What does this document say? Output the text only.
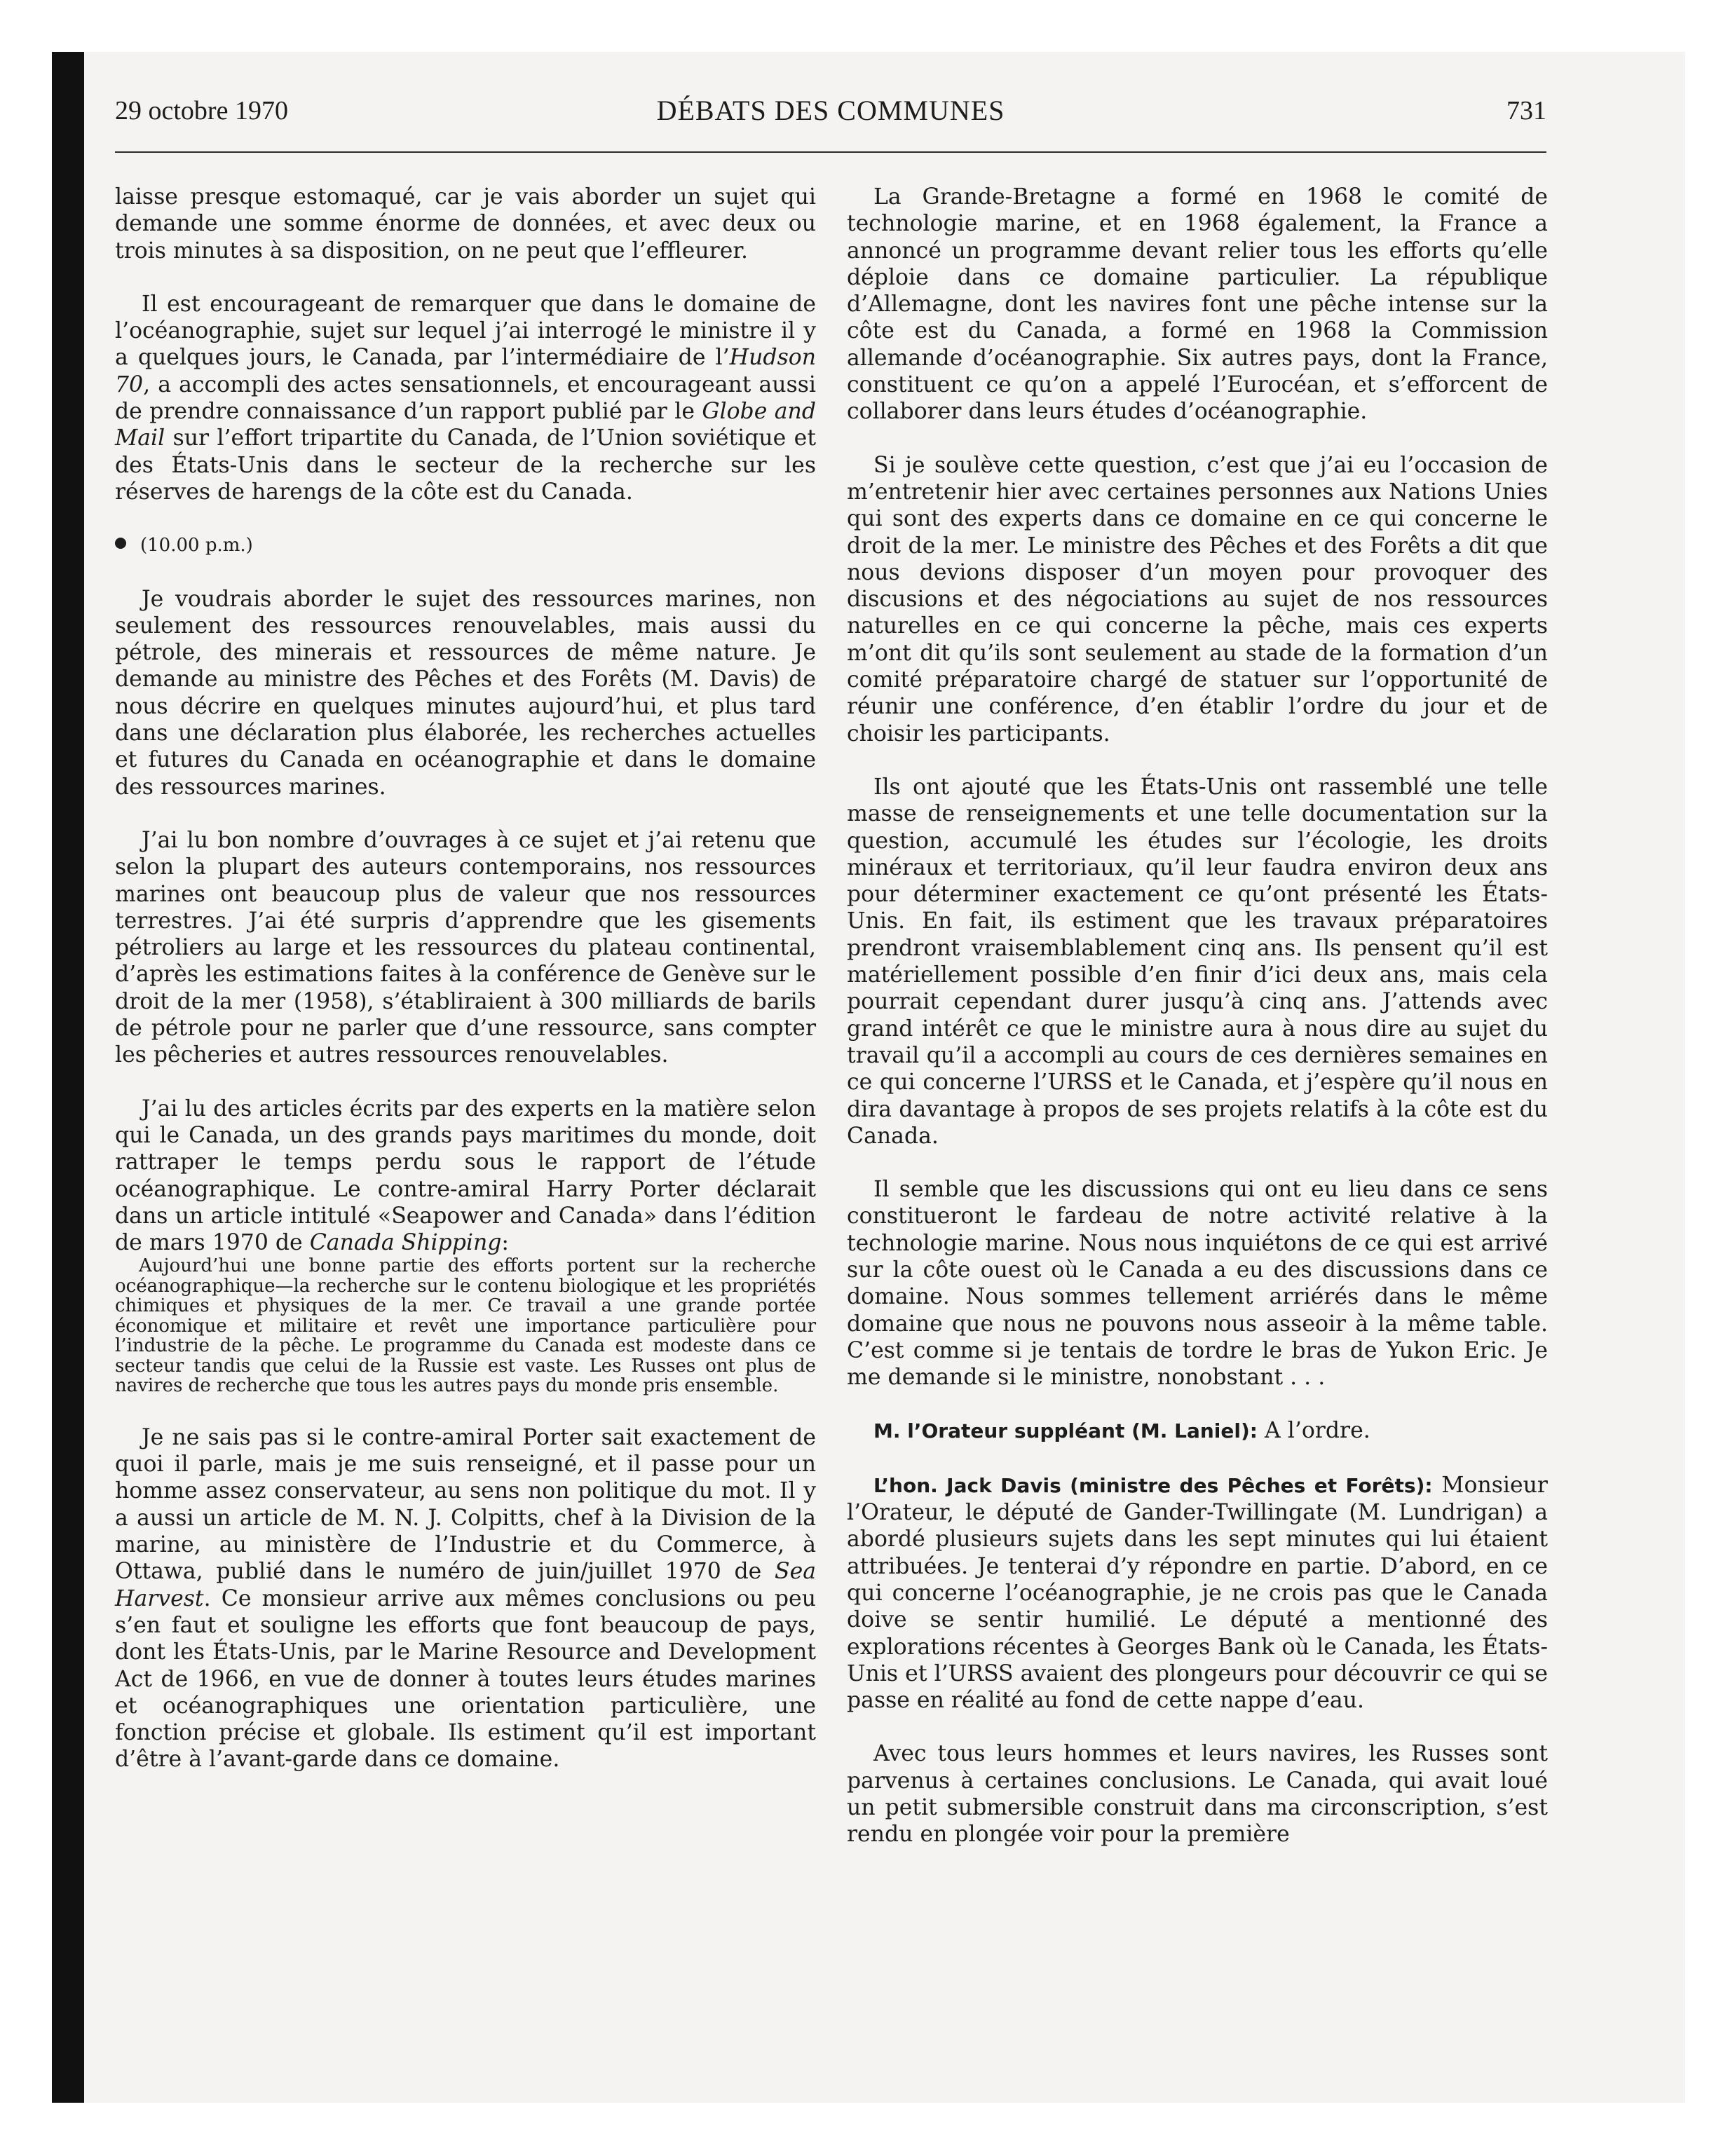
29 octobre 1970	DÉBATS DES COMMUNES	731

laisse presque estomaqué, car je vais aborder un sujet qui demande une somme énorme de données, et avec deux ou trois minutes à sa disposition, on ne peut que l’effleurer.

Il est encourageant de remarquer que dans le domaine de l’océanographie, sujet sur lequel j’ai interrogé le ministre il y a quelques jours, le Canada, par l’intermédiaire de l’Hudson 70, a accompli des actes sensationnels, et encourageant aussi de prendre connaissance d’un rapport publié par le Globe and Mail sur l’effort tripartite du Canada, de l’Union soviétique et des États-Unis dans le secteur de la recherche sur les réserves de harengs de la côte est du Canada.

(10.00 p.m.)

Je voudrais aborder le sujet des ressources marines, non seulement des ressources renouvelables, mais aussi du pétrole, des minerais et ressources de même nature. Je demande au ministre des Pêches et des Forêts (M. Davis) de nous décrire en quelques minutes aujourd’hui, et plus tard dans une déclaration plus élaborée, les recherches actuelles et futures du Canada en océanographie et dans le domaine des ressources marines.

J’ai lu bon nombre d’ouvrages à ce sujet et j’ai retenu que selon la plupart des auteurs contemporains, nos ressources marines ont beaucoup plus de valeur que nos ressources terrestres. J’ai été surpris d’apprendre que les gisements pétroliers au large et les ressources du plateau continental, d’après les estimations faites à la conférence de Genève sur le droit de la mer (1958), s’établiraient à 300 milliards de barils de pétrole pour ne parler que d’une ressource, sans compter les pêcheries et autres ressources renouvelables.

J’ai lu des articles écrits par des experts en la matière selon qui le Canada, un des grands pays maritimes du monde, doit rattraper le temps perdu sous le rapport de l’étude océanographique. Le contre-amiral Harry Porter déclarait dans un article intitulé «Seapower and Canada» dans l’édition de mars 1970 de Canada Shipping:

Aujourd’hui une bonne partie des efforts portent sur la recherche océanographique—la recherche sur le contenu biologique et les propriétés chimiques et physiques de la mer. Ce travail a une grande portée économique et militaire et revêt une importance particulière pour l’industrie de la pêche. Le programme du Canada est modeste dans ce secteur tandis que celui de la Russie est vaste. Les Russes ont plus de navires de recherche que tous les autres pays du monde pris ensemble.

Je ne sais pas si le contre-amiral Porter sait exactement de quoi il parle, mais je me suis renseigné, et il passe pour un homme assez conservateur, au sens non politique du mot. Il y a aussi un article de M. N. J. Colpitts, chef à la Division de la marine, au ministère de l’Industrie et du Commerce, à Ottawa, publié dans le numéro de juin/juillet 1970 de Sea Harvest. Ce monsieur arrive aux mêmes conclusions ou peu s’en faut et souligne les efforts que font beaucoup de pays, dont les États-Unis, par le Marine Resource and Development Act de 1966, en vue de donner à toutes leurs études marines et océanographiques une orientation particulière, une fonction précise et globale. Ils estiment qu’il est important d’être à l’avant-garde dans ce domaine.

La Grande-Bretagne a formé en 1968 le comité de technologie marine, et en 1968 également, la France a annoncé un programme devant relier tous les efforts qu’elle déploie dans ce domaine particulier. La république d’Allemagne, dont les navires font une pêche intense sur la côte est du Canada, a formé en 1968 la Commission allemande d’océanographie. Six autres pays, dont la France, constituent ce qu’on a appelé l’Eurocéan, et s’efforcent de collaborer dans leurs études d’océanographie.

Si je soulève cette question, c’est que j’ai eu l’occasion de m’entretenir hier avec certaines personnes aux Nations Unies qui sont des experts dans ce domaine en ce qui concerne le droit de la mer. Le ministre des Pêches et des Forêts a dit que nous devions disposer d’un moyen pour provoquer des discusions et des négociations au sujet de nos ressources naturelles en ce qui concerne la pêche, mais ces experts m’ont dit qu’ils sont seulement au stade de la formation d’un comité préparatoire chargé de statuer sur l’opportunité de réunir une conférence, d’en établir l’ordre du jour et de choisir les participants.

Ils ont ajouté que les États-Unis ont rassemblé une telle masse de renseignements et une telle documentation sur la question, accumulé les études sur l’écologie, les droits minéraux et territoriaux, qu’il leur faudra environ deux ans pour déterminer exactement ce qu’ont présenté les États-Unis. En fait, ils estiment que les travaux préparatoires prendront vraisemblablement cinq ans. Ils pensent qu’il est matériellement possible d’en finir d’ici deux ans, mais cela pourrait cependant durer jusqu’à cinq ans. J’attends avec grand intérêt ce que le ministre aura à nous dire au sujet du travail qu’il a accompli au cours de ces dernières semaines en ce qui concerne l’URSS et le Canada, et j’espère qu’il nous en dira davantage à propos de ses projets relatifs à la côte est du Canada.

Il semble que les discussions qui ont eu lieu dans ce sens constitueront le fardeau de notre activité relative à la technologie marine. Nous nous inquiétons de ce qui est arrivé sur la côte ouest où le Canada a eu des discussions dans ce domaine. Nous sommes tellement arriérés dans le même domaine que nous ne pouvons nous asseoir à la même table. C’est comme si je tentais de tordre le bras de Yukon Eric. Je me demande si le ministre, nonobstant . . .

M. l’Orateur suppléant (M. Laniel): A l’ordre.

L’hon. Jack Davis (ministre des Pêches et Forêts): Monsieur l’Orateur, le député de Gander-Twillingate (M. Lundrigan) a abordé plusieurs sujets dans les sept minutes qui lui étaient attribuées. Je tenterai d’y répondre en partie. D’abord, en ce qui concerne l’océanographie, je ne crois pas que le Canada doive se sentir humilié. Le député a mentionné des explorations récentes à Georges Bank où le Canada, les États-Unis et l’URSS avaient des plongeurs pour découvrir ce qui se passe en réalité au fond de cette nappe d’eau.

Avec tous leurs hommes et leurs navires, les Russes sont parvenus à certaines conclusions. Le Canada, qui avait loué un petit submersible construit dans ma circonscription, s’est rendu en plongée voir pour la première
